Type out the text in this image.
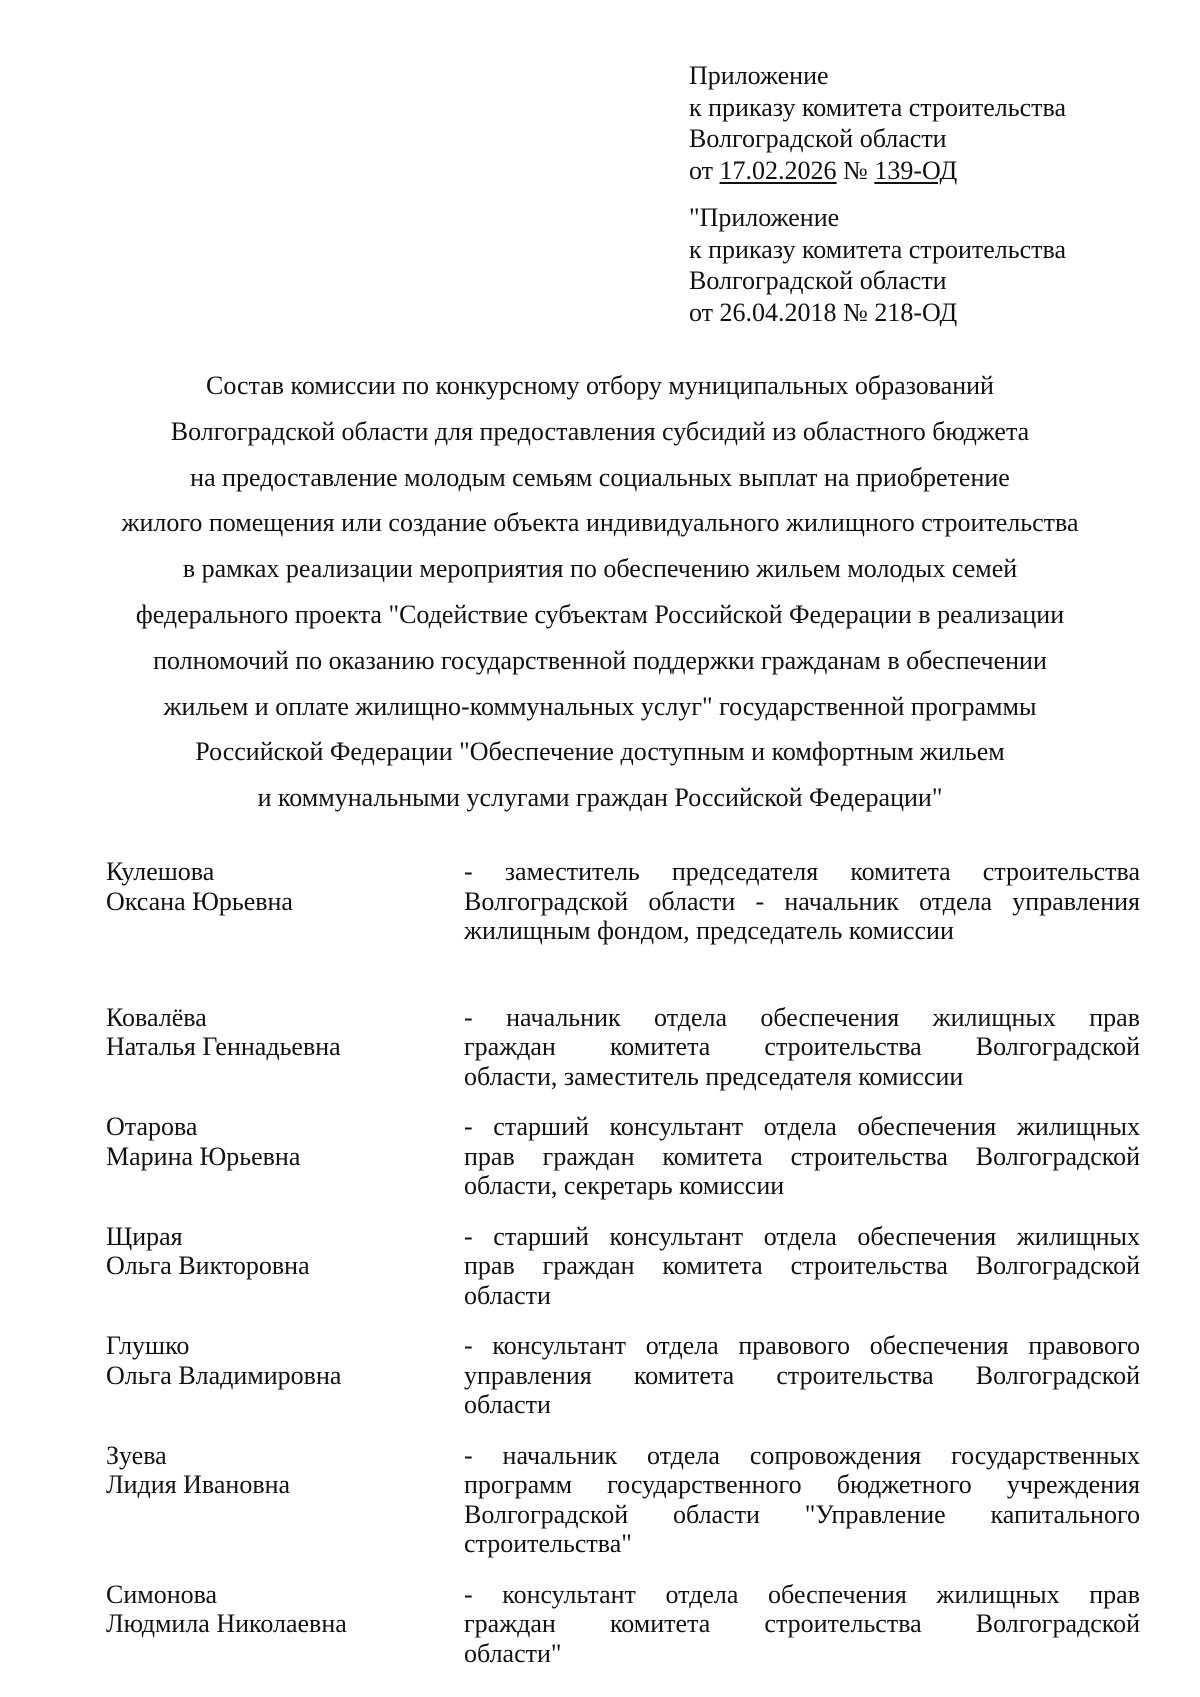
Приложение
к приказу комитета строительства
Волгоградской области
от 17.02.2026 № 139-ОД
"Приложение
к приказу комитета строительства
Волгоградской области
от 26.04.2018 № 218-ОД
Состав комиссии по конкурсному отбору муниципальных образований
Волгоградской области для предоставления субсидий из областного бюджета
на предоставление молодым семьям социальных выплат на приобретение
жилого помещения или создание объекта индивидуального жилищного строительства
в рамках реализации мероприятия по обеспечению жильем молодых семей
федерального проекта "Содействие субъектам Российской Федерации в реализации
полномочий по оказанию государственной поддержки гражданам в обеспечении
жильем и оплате жилищно-коммунальных услуг" государственной программы
Российской Федерации "Обеспечение доступным и комфортным жильем
и коммунальными услугами граждан Российской Федерации"
Кулешова
Оксана Юрьевна
- заместитель председателя комитета строительства
Волгоградской области - начальник отдела управления
жилищным фондом, председатель комиссии
Ковалёва
Наталья Геннадьевна
- начальник отдела обеспечения жилищных прав
граждан комитета строительства Волгоградской
области, заместитель председателя комиссии
Отарова
Марина Юрьевна
- старший консультант отдела обеспечения жилищных
прав граждан комитета строительства Волгоградской
области, секретарь комиссии
Щирая
Ольга Викторовна
- старший консультант отдела обеспечения жилищных
прав граждан комитета строительства Волгоградской
области
Глушко
Ольга Владимировна
- консультант отдела правового обеспечения правового
управления комитета строительства Волгоградской
области
Зуева
Лидия Ивановна
- начальник отдела сопровождения государственных
программ государственного бюджетного учреждения
Волгоградской области "Управление капитального
строительства"
Симонова
Людмила Николаевна
- консультант отдела обеспечения жилищных прав
граждан комитета строительства Волгоградской
области"
